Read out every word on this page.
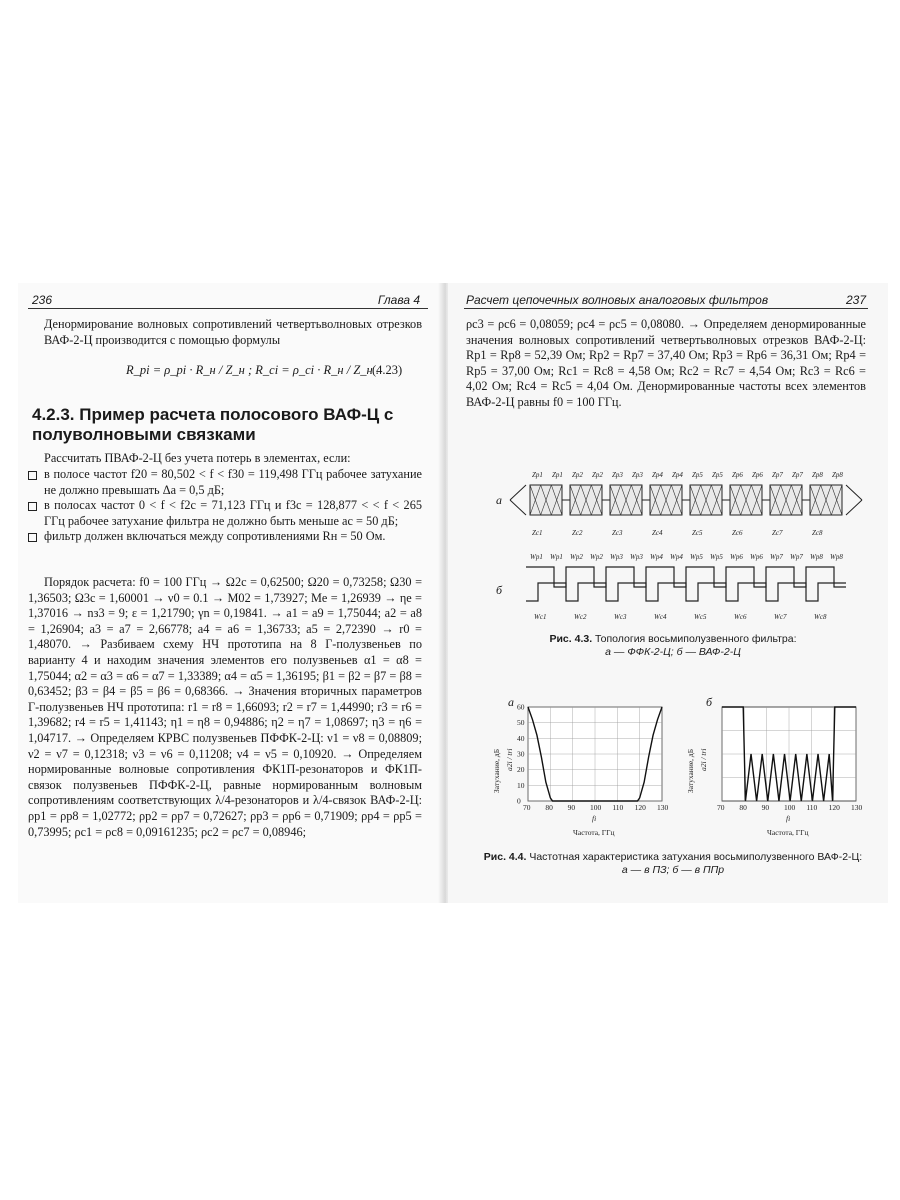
236	Глава 4

Денормирование волновых сопротивлений четвертьволновых отрезков ВАФ-2-Ц производится с помощью формулы

R_pi = ρ_pi · R_н / Z_н ; R_ci = ρ_ci · R_н / Z_н .
(4.23)
4.2.3. Пример расчета полосового ВАФ-Ц с полуволновыми связками

Рассчитать ПВАФ-2-Ц без учета потерь в элементах, если:

в полосе частот f20 = 80,502 < f < f30 = 119,498 ГГц рабочее затухание не должно превышать Δa = 0,5 дБ;
в полосах частот 0 < f < f2c = 71,123 ГГц и f3c = 128,877 < < f < 265 ГГц рабочее затухание фильтра не должно быть меньше ac = 50 дБ;
фильтр должен включаться между сопротивлениями Rн = 50 Ом.

Порядок расчета: f0 = 100 ГГц → Ω2c = 0,62500; Ω20 = 0,73258; Ω30 = 1,36503; Ω3c = 1,60001 → ν0 = 0.1 → M02 = 1,73927; Me = 1,26939 → ηe = 1,37016 → nз3 = 9; ε = 1,21790; γn = 0,19841. → a1 = a9 = 1,75044; a2 = a8 = 1,26904; a3 = a7 = 2,66778; a4 = a6 = 1,36733; a5 = 2,72390 → r0 = 1,48070. → Разбиваем схему НЧ прототипа на 8 Г-полузвеньев по варианту 4 и находим значения элементов его полузвеньев α1 = α8 = 1,75044; α2 = α3 = α6 = α7 = 1,33389; α4 = α5 = 1,36195; β1 = β2 = β7 = β8 = 0,63452; β3 = β4 = β5 = β6 = 0,68366. → Значения вторичных параметров Г-полузвеньев НЧ прототипа: r1 = r8 = 1,66093; r2 = r7 = 1,44990; r3 = r6 = 1,39682; r4 = r5 = 1,41143; η1 = η8 = 0,94886; η2 = η7 = 1,08697; η3 = η6 = 1,04717. → Определяем КРВС полузвеньев ПФФК-2-Ц: ν1 = ν8 = 0,08809; ν2 = ν7 = 0,12318; ν3 = ν6 = 0,11208; ν4 = ν5 = 0,10920. → Определяем нормированные волновые сопротивления ФК1П-резонаторов и ФК1П-связок полузвеньев ПФФК-2-Ц, равные нормированным волновым сопротивлениям соответствующих λ/4-резонаторов и λ/4-связок ВАФ-2-Ц: ρp1 = ρp8 = 1,02772; ρp2 = ρp7 = 0,72627; ρp3 = ρp6 = 0,71909; ρp4 = ρp5 = 0,73995; ρc1 = ρc8 = 0,09161235; ρc2 = ρc7 = 0,08946;

Расчет цепочечных волновых аналоговых фильтров	237

ρc3 = ρc6 = 0,08059; ρc4 = ρc5 = 0,08080. → Определяем денормированные значения волновых сопротивлений четвертьволновых отрезков ВАФ-2-Ц: Rp1 = Rp8 = 52,39 Ом; Rp2 = Rp7 = 37,40 Ом; Rp3 = Rp6 = 36,31 Ом; Rp4 = Rp5 = 37,00 Ом; Rc1 = Rc8 = 4,58 Ом; Rc2 = Rc7 = 4,54 Ом; Rc3 = Rc6 = 4,02 Ом; Rc4 = Rc5 = 4,04 Ом. Денормированные частоты всех элементов ВАФ-2-Ц равны f0 = 100 ГГц.

а
б
Zp1 Zp1 Zp2 Zp2 Zp3 Zp3 Zp4 Zp4 Zp5 Zp5 Zp6 Zp6 Zp7 Zp7 Zp8 Zp8
Zc1	Zc2	Zc3	Zc4	Zc5	Zc6	Zc7	Zc8
Wp1 Wp1 Wp2 Wp2 Wp3 Wp3 Wp4 Wp4 Wp5 Wp5 Wp6 Wp6 Wp7 Wp7 Wp8 Wp8
Wc1	Wc2	Wc3	Wc4	Wc5	Wc6	Wc7	Wc8
Рис. 4.3. Топология восьмиполузвенного фильтра:
а — ФФК-2-Ц; б — ВАФ-2-Ц
а	б
70 80 90 100 110 120 130
0
10
20
30
40
50
60
fi
Частота, ГГц
Затухание, дБ a2i / tri
70 80 90 100 110 120 130
fi
Частота, ГГц
Затухание, дБ a2i / tri
Рис. 4.4. Частотная характеристика затухания восьмиполузвенного ВАФ-2-Ц:
а — в ПЗ; б — в ППр
